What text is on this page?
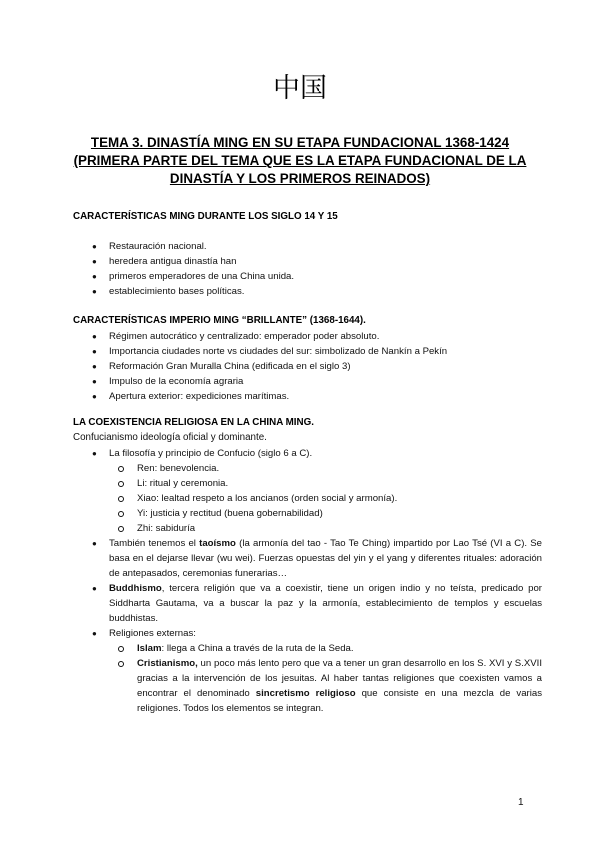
中国
TEMA 3. DINASTÍA MING EN SU ETAPA FUNDACIONAL 1368-1424 (PRIMERA PARTE DEL TEMA QUE ES LA ETAPA FUNDACIONAL DE LA DINASTÍA Y LOS PRIMEROS REINADOS)
CARACTERÍSTICAS MING DURANTE LOS SIGLO 14 Y 15
● Restauración nacional.
● heredera antigua dinastía han
● primeros emperadores de una China unida.
● establecimiento bases políticas.
CARACTERÍSTICAS IMPERIO MING “BRILLANTE” (1368-1644).
● Régimen autocrático y centralizado: emperador poder absoluto.
● Importancia ciudades norte vs ciudades del sur: simbolizado de Nankín a Pekín
● Reformación Gran Muralla China (edificada en el siglo 3)
● Impulso de la economía agraria
● Apertura exterior: expediciones marítimas.
LA COEXISTENCIA RELIGIOSA EN LA CHINA MING.
Confucianismo ideología oficial y dominante.
● La filosofía y principio de Confucio (siglo 6 a C).
Ren: benevolencia.
Li: ritual y ceremonia.
Xiao: lealtad respeto a los ancianos (orden social y armonía).
Yi: justicia y rectitud (buena gobernabilidad)
Zhi: sabiduría
● También tenemos el taoísmo (la armonía del tao - Tao Te Ching) impartido por Lao Tsé (VI a C). Se basa en el dejarse llevar (wu wei). Fuerzas opuestas del yin y el yang y diferentes rituales: adoración de antepasados, ceremonias funerarias…
● Buddhismo, tercera religión que va a coexistir, tiene un origen indio y no teísta, predicado por Siddharta Gautama, va a buscar la paz y la armonía, establecimiento de templos y escuelas buddhistas.
● Religiones externas:
Islam: llega a China a través de la ruta de la Seda.
Cristianismo, un poco más lento pero que va a tener un gran desarrollo en los S. XVI y S.XVII gracias a la intervención de los jesuitas. Al haber tantas religiones que coexisten vamos a encontrar el denominado sincretismo religioso que consiste en una mezcla de varias religiones. Todos los elementos se integran.
1
